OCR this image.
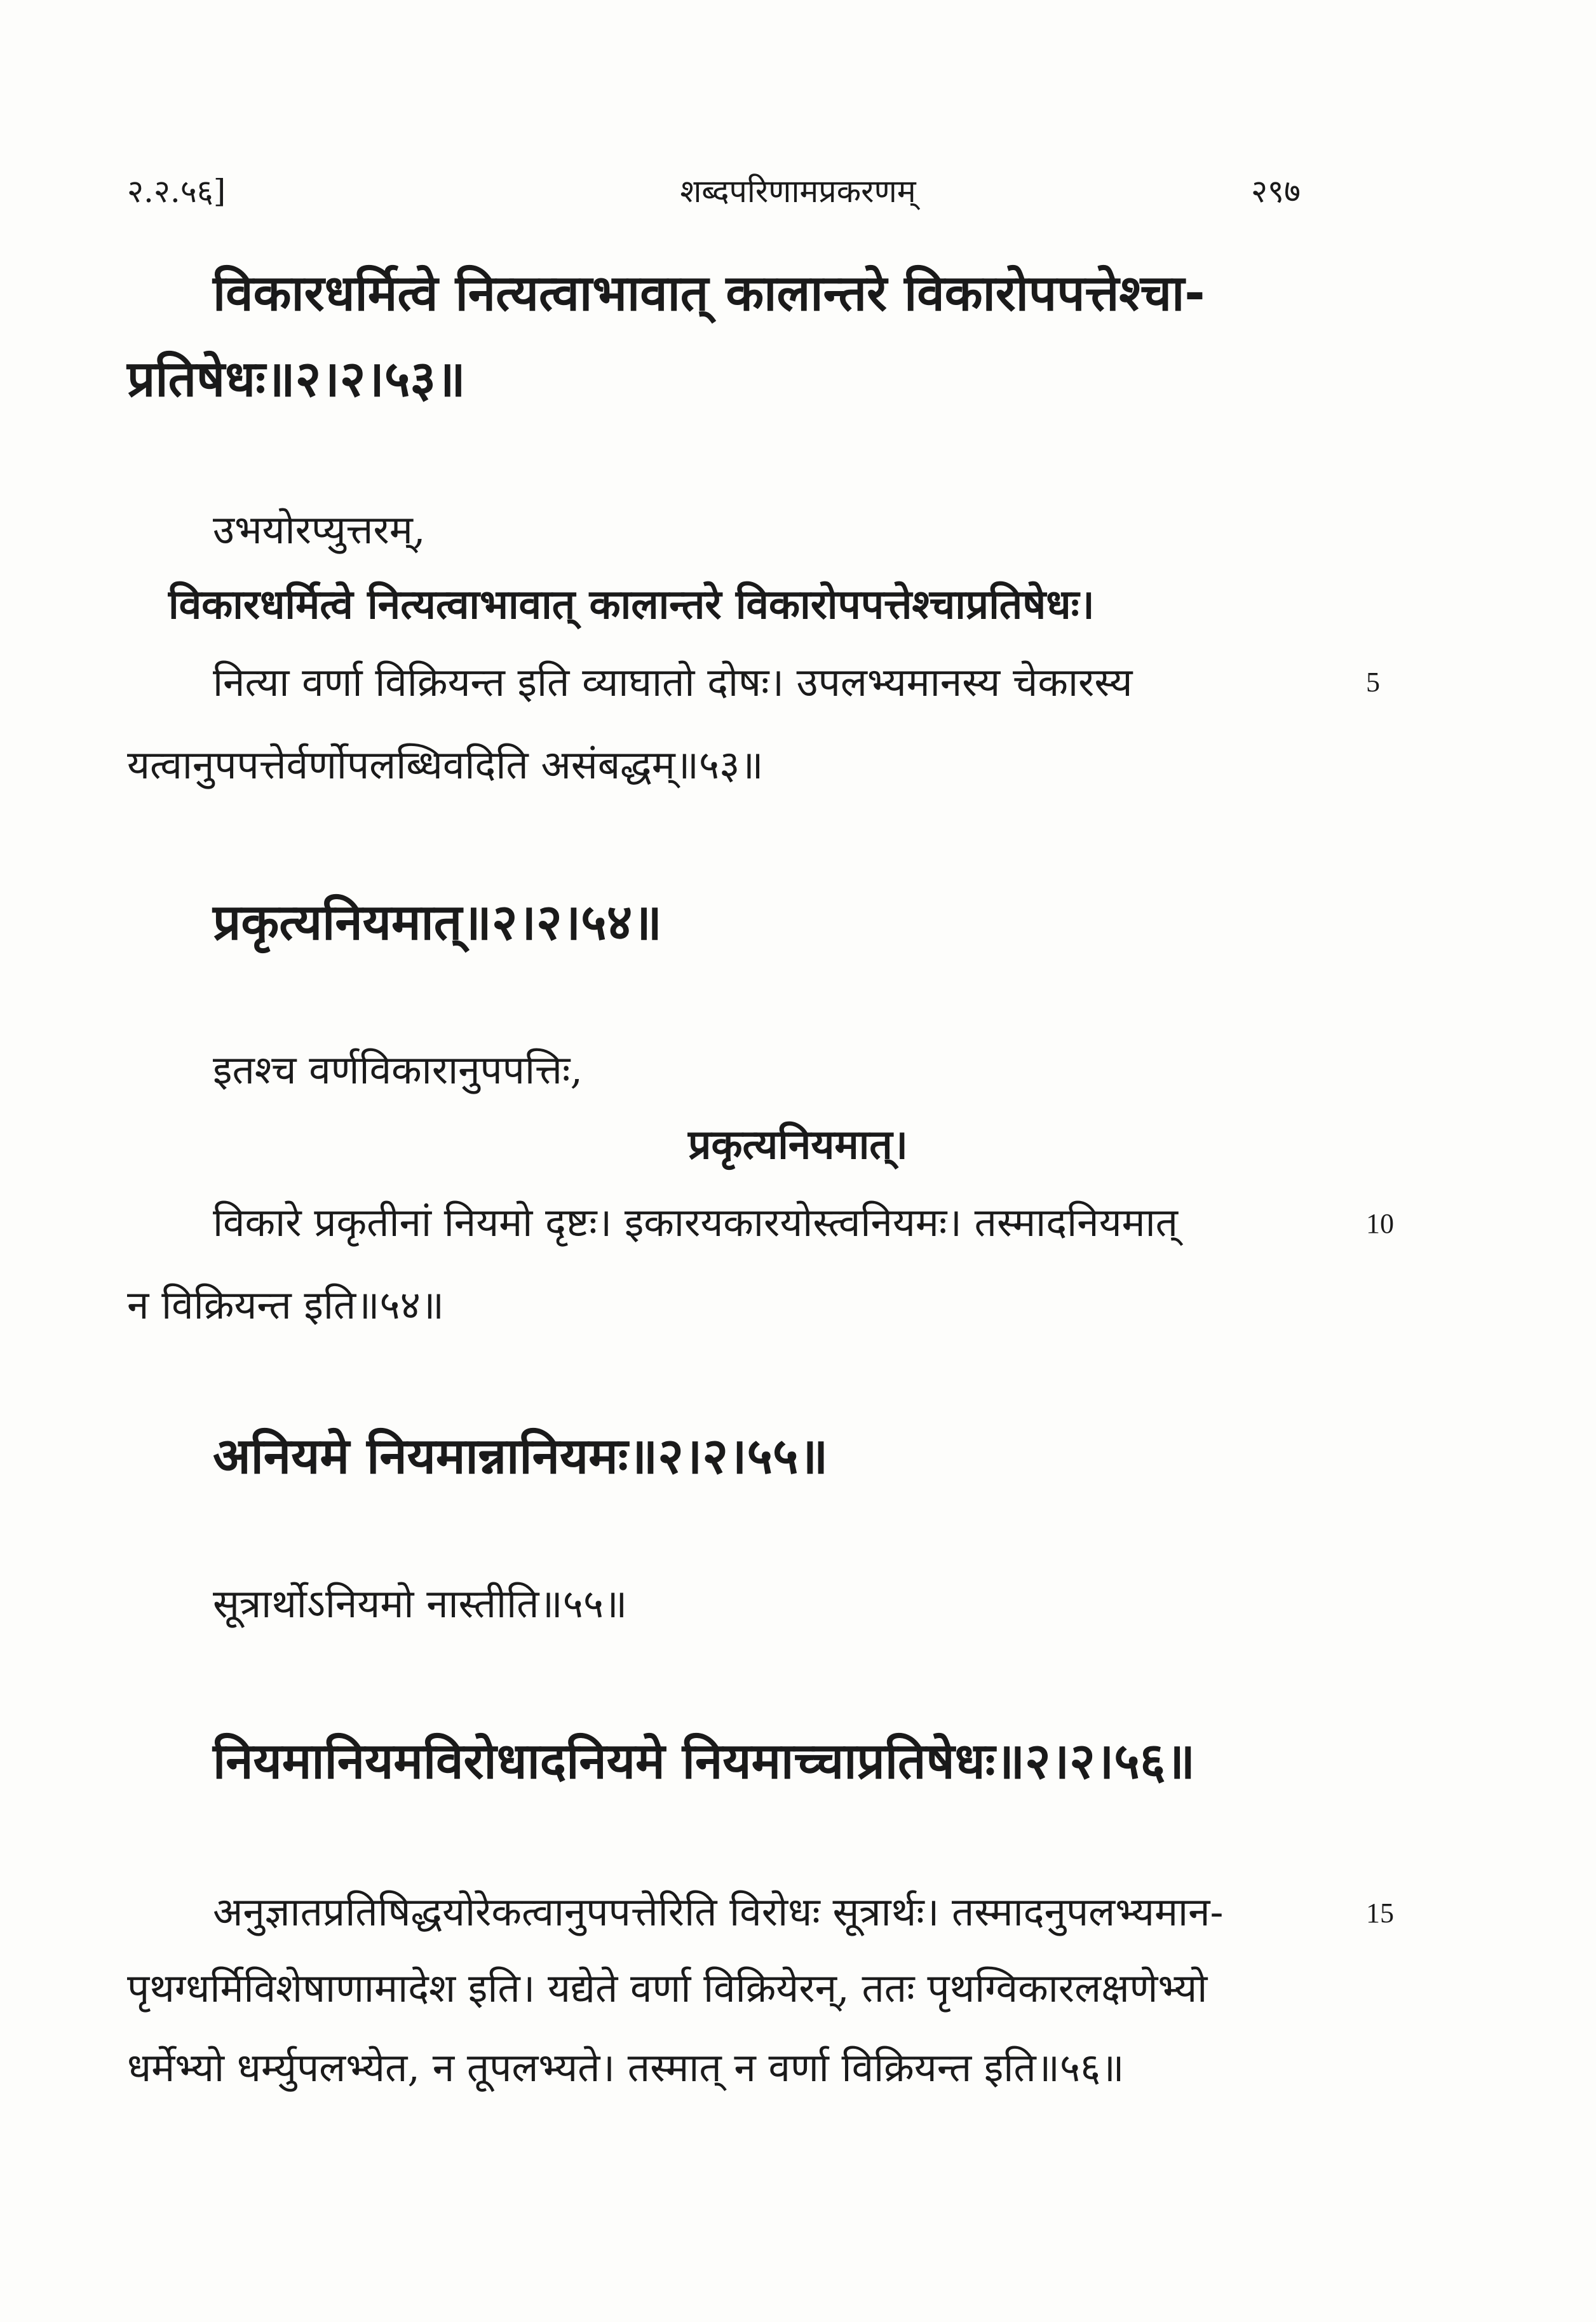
शब्दपरिणामप्रकरणम्
२.२.५६]	२९७
विकारधर्मित्वे नित्यत्वाभावात् कालान्तरे विकारोपपत्तेश्चा-
प्रतिषेधः॥२।२।५३॥
उभयोरप्युत्तरम्,
विकारधर्मित्वे नित्यत्वाभावात् कालान्तरे विकारोपपत्तेश्चाप्रतिषेधः।
नित्या वर्णा विक्रियन्त इति व्याघातो दोषः। उपलभ्यमानस्य चेकारस्य	5
यत्वानुपपत्तेर्वर्णोपलब्धिवदिति असंबद्धम्॥५३॥
प्रकृत्यनियमात्॥२।२।५४॥
इतश्च वर्णविकारानुपपत्तिः,
प्रकृत्यनियमात्।
विकारे प्रकृतीनां नियमो दृष्टः। इकारयकारयोस्त्वनियमः। तस्मादनियमात्	10
न विक्रियन्त इति॥५४॥
अनियमे नियमान्नानियमः॥२।२।५५॥
सूत्रार्थोऽनियमो नास्तीति॥५५॥
नियमानियमविरोधादनियमे नियमाच्चाप्रतिषेधः॥२।२।५६॥
अनुज्ञातप्रतिषिद्धयोरेकत्वानुपपत्तेरिति विरोधः सूत्रार्थः। तस्मादनुपलभ्यमान-	15
पृथग्धर्मिविशेषाणामादेश इति। यद्येते वर्णा विक्रियेरन्, ततः पृथग्विकारलक्षणेभ्यो
धर्मेभ्यो धर्म्युपलभ्येत, न तूपलभ्यते। तस्मात् न वर्णा विक्रियन्त इति॥५६॥
